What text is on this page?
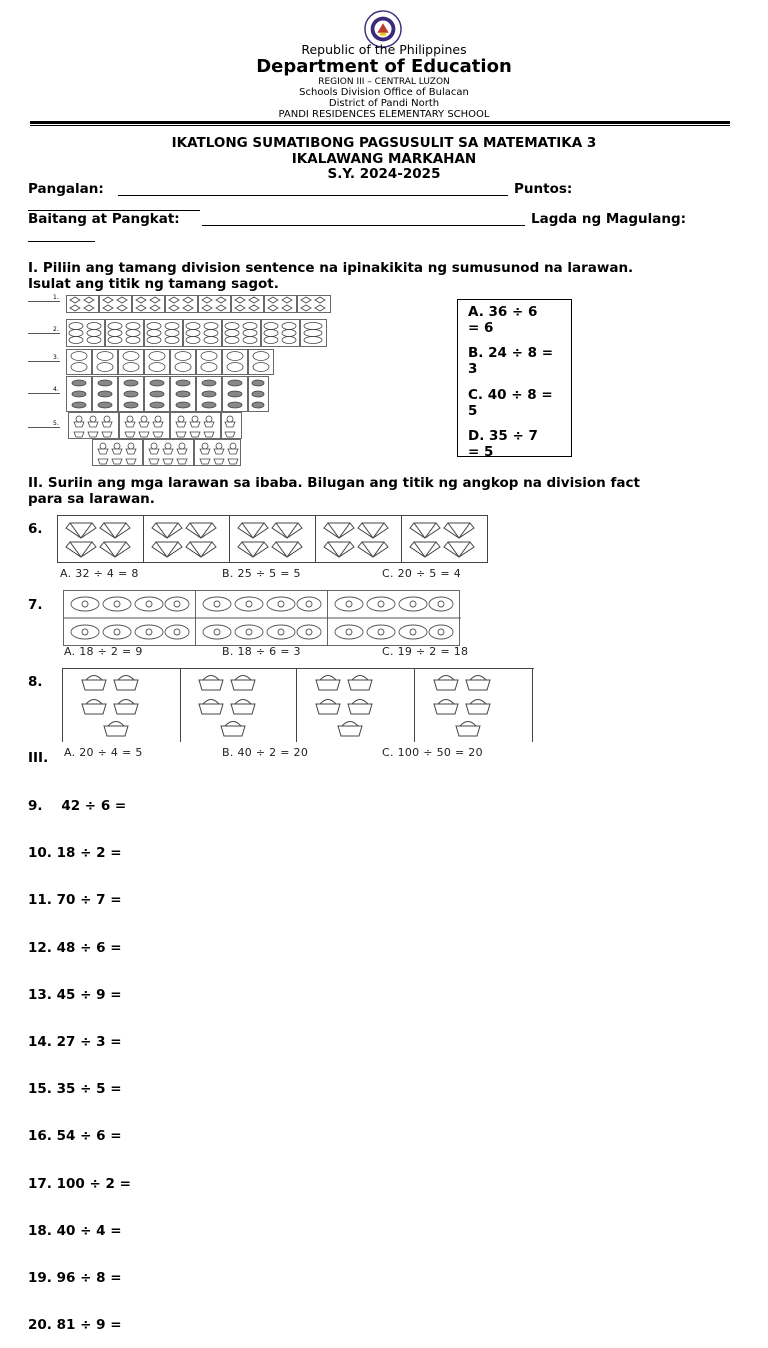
Republic of the Philippines
Department of Education
REGION III – CENTRAL LUZON
Schools Division Office of Bulacan
District of Pandi North
PANDI RESIDENCES ELEMENTARY SCHOOL
IKATLONG SUMATIBONG PAGSUSULIT SA MATEMATIKA 3
IKALAWANG MARKAHAN
S.Y. 2024-2025
Pangalan:	Puntos:
Baitang at Pangkat:	Lagda ng Magulang:
I. Piliin ang tamang division sentence na ipinakikita ng sumusunod na larawan.
Isulat ang titik ng tamang sagot.
1.
2.
3.
4.
5.
A. 36 ÷ 6
= 6
B. 24 ÷ 8 =
3
C. 40 ÷ 8 =
5
D. 35 ÷ 7
= 5
II. Suriin ang mga larawan sa ibaba. Bilugan ang titik ng angkop na division fact
para sa larawan.
6.
A. 32 ÷ 4 = 8	B. 25 ÷ 5 = 5	C. 20 ÷ 5 = 4
7.
A. 18 ÷ 2 = 9	B. 18 ÷ 6 = 3	C. 19 ÷ 2 = 18
8.
A. 20 ÷ 4 = 5	B. 40 ÷ 2 = 20	C. 100 ÷ 50 = 20
III.

9.    42 ÷ 6 =

10. 18 ÷ 2 =

11. 70 ÷ 7 =

12. 48 ÷ 6 =

13. 45 ÷ 9 =

14. 27 ÷ 3 =

15. 35 ÷ 5 =

16. 54 ÷ 6 =

17. 100 ÷ 2 =

18. 40 ÷ 4 =

19. 96 ÷ 8 =

20. 81 ÷ 9 =
